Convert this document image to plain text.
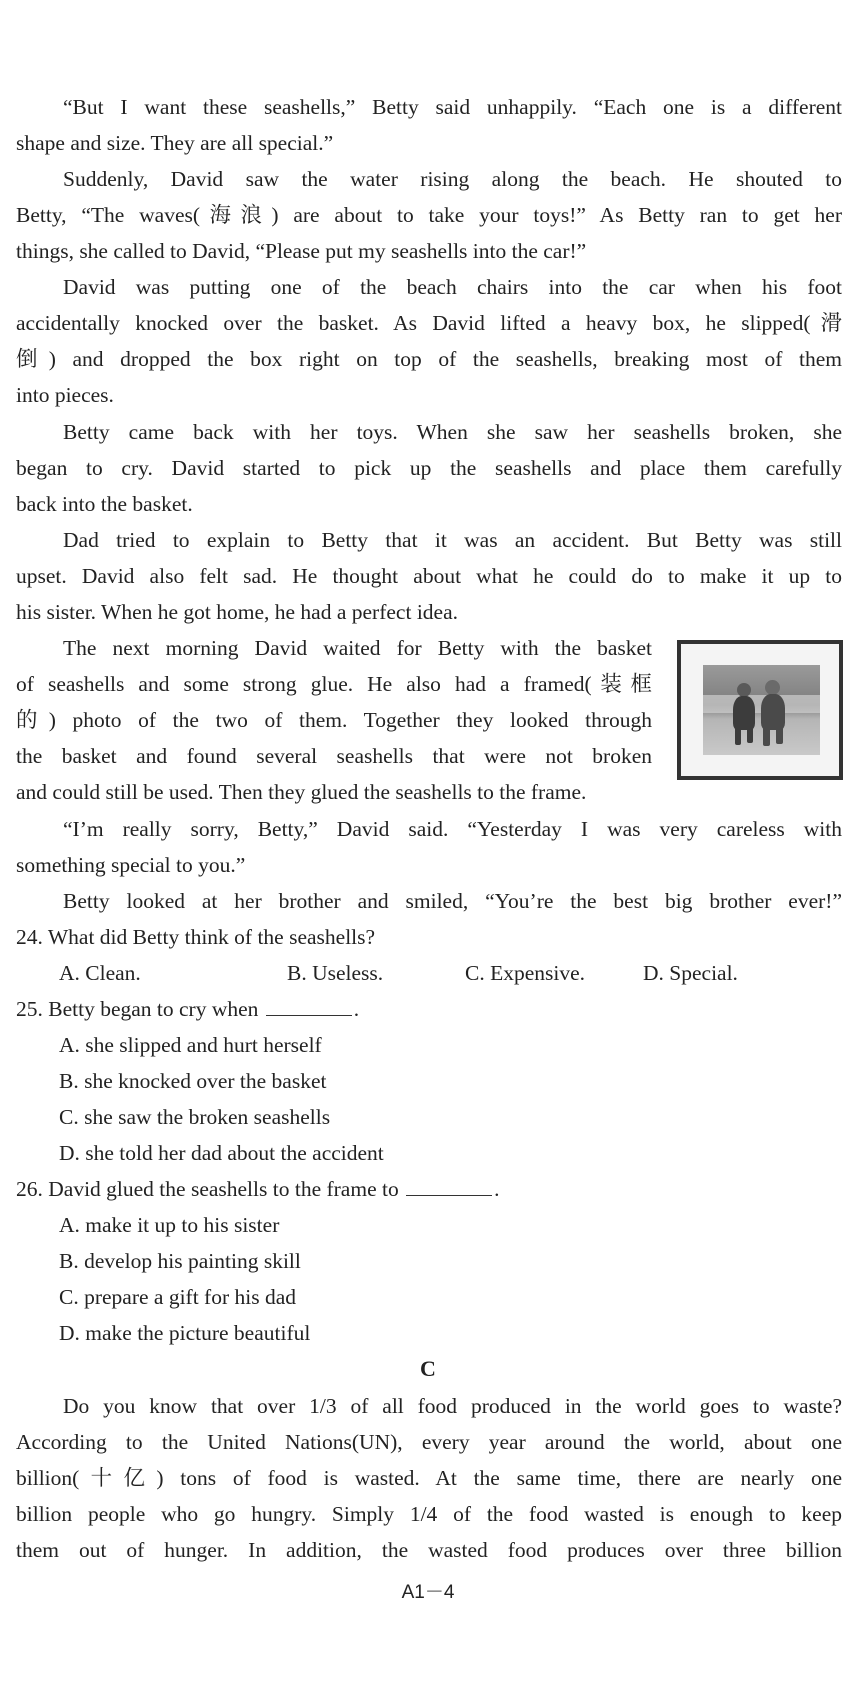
“But I want these seashells,” Betty said unhappily. “Each one is a different
shape and size. They are all special.”
Suddenly, David saw the water rising along the beach. He shouted to
Betty, “The waves(海浪) are about to take your toys!” As Betty ran to get her
things, she called to David, “Please put my seashells into the car!”
David was putting one of the beach chairs into the car when his foot
accidentally knocked over the basket. As David lifted a heavy box, he slipped(滑
倒) and dropped the box right on top of the seashells, breaking most of them
into pieces.
Betty came back with her toys. When she saw her seashells broken, she
began to cry. David started to pick up the seashells and place them carefully
back into the basket.
Dad tried to explain to Betty that it was an accident. But Betty was still
upset. David also felt sad. He thought about what he could do to make it up to
his sister. When he got home, he had a perfect idea.
The next morning David waited for Betty with the basket
of seashells and some strong glue. He also had a framed(装框
的) photo of the two of them. Together they looked through
the basket and found several seashells that were not broken
and could still be used. Then they glued the seashells to the frame.
“I’m really sorry, Betty,” David said. “Yesterday I was very careless with
something special to you.”
Betty looked at her brother and smiled, “You’re the best big brother ever!”
24. What did Betty think of the seashells?
A. Clean.	B. Useless.	C. Expensive.	D. Special.
25. Betty began to cry when	.
A. she slipped and hurt herself
B. she knocked over the basket
C. she saw the broken seashells
D. she told her dad about the accident
26. David glued the seashells to the frame to	.
A. make it up to his sister
B. develop his painting skill
C. prepare a gift for his dad
D. make the picture beautiful
C
Do you know that over 1/3 of all food produced in the world goes to waste?
According to the United Nations(UN), every year around the world, about one
billion(十亿) tons of food is wasted. At the same time, there are nearly one
billion people who go hungry. Simply 1/4 of the food wasted is enough to keep
them out of hunger. In addition, the wasted food produces over three billion
A1－4
